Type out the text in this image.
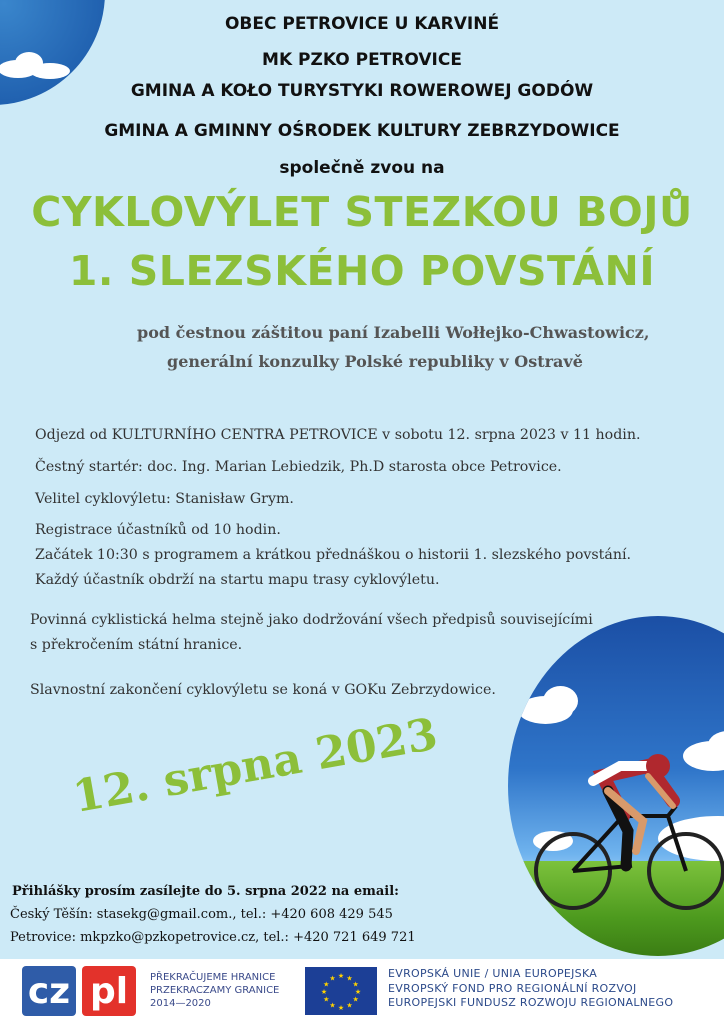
OBEC PETROVICE U KARVINÉ
MK PZKO PETROVICE
GMINA A KOŁO TURYSTYKI ROWEROWEJ GODÓW
GMINA A GMINNY OŚRODEK KULTURY ZEBRZYDOWICE
společně zvou na
CYKLOVÝLET STEZKOU BOJŮ
1. SLEZSKÉHO POVSTÁNÍ
pod čestnou záštitou paní Izabelli Wołłejko-Chwastowicz,
generální konzulky Polské republiky v Ostravě
Odjezd od KULTURNÍHO CENTRA PETROVICE v sobotu 12. srpna 2023 v 11 hodin.
Čestný startér: doc. Ing. Marian Lebiedzik, Ph.D starosta obce Petrovice.
Velitel cyklovýletu: Stanisław Grym.
Registrace účastníků od 10 hodin.
Začátek 10:30 s programem a krátkou přednáškou o historii 1. slezského povstání.
Každý účastník obdrží na startu mapu trasy cyklovýletu.
Povinná cyklistická helma stejně jako dodržování všech předpisů souvisejícími
s překročením státní hranice.
Slavnostní zakončení cyklovýletu se koná v GOKu Zebrzydowice.
12. srpna 2023
Přihlášky prosím zasílejte do 5. srpna 2022 na email:
Český Těšín: stasekg@gmail.com., tel.: +420 608 429 545
Petrovice: mkpzko@pzkopetrovice.cz, tel.: +420 721 649 721
cz pl	PŘEKRAČUJEME HRANICE
PRZEKRACZAMY GRANICE
2014—2020
★ ★
★
★
★
★
★
★
★
★
★
★	EVROPSKÁ UNIE / UNIA EUROPEJSKA
EVROPSKÝ FOND PRO REGIONÁLNÍ ROZVOJ
EUROPEJSKI FUNDUSZ ROZWOJU REGIONALNEGO
